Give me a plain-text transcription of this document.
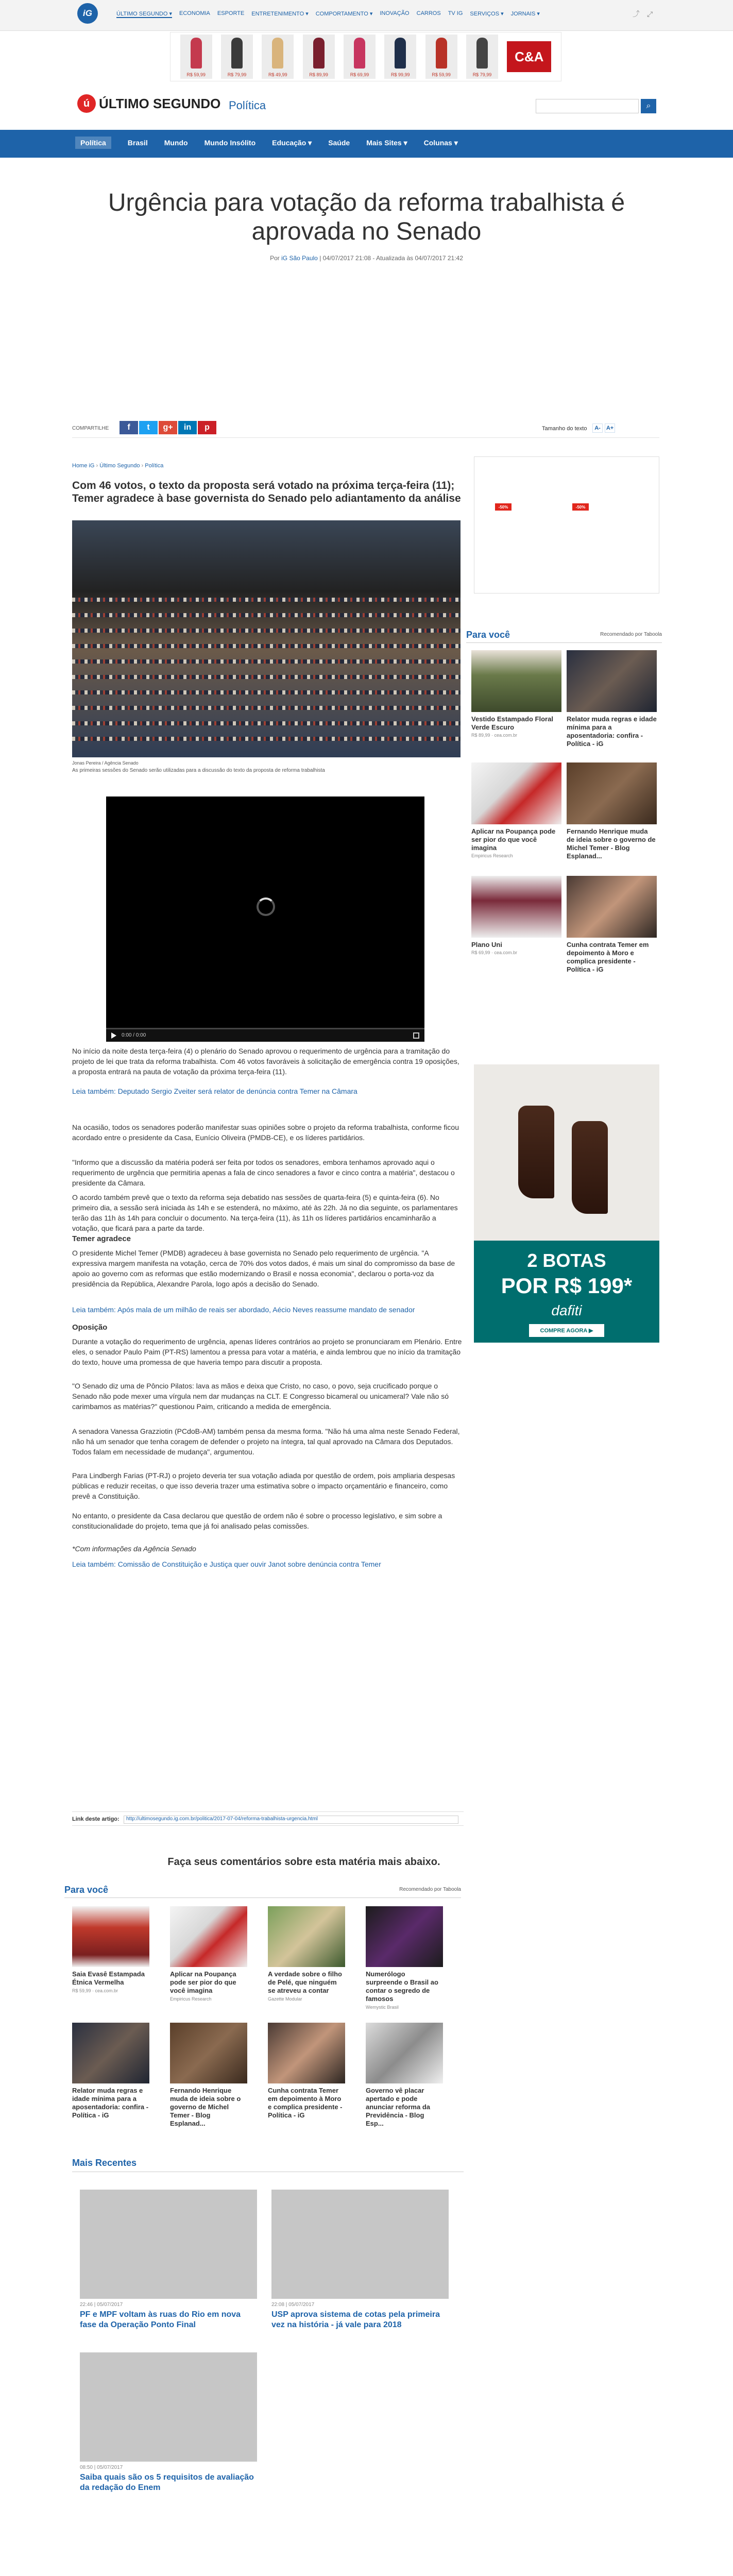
iG	ÚLTIMO SEGUNDO ▾ ECONOMIA ESPORTE ENTRETENIMENTO ▾ COMPORTAMENTO ▾ INOVAÇÃO CARROS TV IG SERVIÇOS ▾ JORNAIS ▾	⤴ ⤢
R$ 59,99	R$ 79,99	R$ 49,99	R$ 89,99	R$ 69,99	R$ 99,99	R$ 59,99	R$ 79,99
C&A
ú ÚLTIMO SEGUNDO Política	⌕
Política	Brasil Mundo Mundo Insólito Educação ▾ Saúde Mais Sites ▾ Colunas ▾
Urgência para votação da reforma trabalhista é aprovada no Senado
Por iG São Paulo | 04/07/2017 21:08 - Atualizada às 04/07/2017 21:42
COMPARTILHE	f	t	g+	in	p	Tamanho do texto	A-	A+
Home iG › Último Segundo › Política
Com 46 votos, o texto da proposta será votado na próxima terça-feira (11); Temer agradece à base governista do Senado pelo adiantamento da análise
Jonas Pereira / Agência Senado
As primeiras sessões do Senado serão utilizadas para a discussão do texto da proposta de reforma trabalhista
0:00 / 0:00

No início da noite desta terça-feira (4) o plenário do Senado aprovou o requerimento de urgência para a tramitação do projeto de lei que trata da reforma trabalhista. Com 46 votos favoráveis à solicitação de emergência contra 19 oposições, a proposta entrará na pauta de votação da próxima terça-feira (11).

Leia também: Deputado Sergio Zveiter será relator de denúncia contra Temer na Câmara

Na ocasião, todos os senadores poderão manifestar suas opiniões sobre o projeto da reforma trabalhista, conforme ficou acordado entre o presidente da Casa, Eunício Oliveira (PMDB-CE), e os líderes partidários.

"Informo que a discussão da matéria poderá ser feita por todos os senadores, embora tenhamos aprovado aqui o requerimento de urgência que permitiria apenas a fala de cinco senadores a favor e cinco contra a matéria", destacou o presidente da Câmara.

O acordo também prevê que o texto da reforma seja debatido nas sessões de quarta-feira (5) e quinta-feira (6). No primeiro dia, a sessão será iniciada às 14h e se estenderá, no máximo, até às 22h. Já no dia seguinte, os parlamentares terão das 11h às 14h para concluir o documento. Na terça-feira (11), às 11h os líderes partidários encaminharão a votação, que ficará para a parte da tarde.

Temer agradece

O presidente Michel Temer (PMDB) agradeceu à base governista no Senado pelo requerimento de urgência. "A expressiva margem manifesta na votação, cerca de 70% dos votos dados, é mais um sinal do compromisso da base de apoio ao governo com as reformas que estão modernizando o Brasil e nossa economia", declarou o porta-voz da presidência da República, Alexandre Parola, logo após a decisão do Senado.

Leia também: Após mala de um milhão de reais ser abordado, Aécio Neves reassume mandato de senador

Oposição

Durante a votação do requerimento de urgência, apenas líderes contrários ao projeto se pronunciaram em Plenário. Entre eles, o senador Paulo Paim (PT-RS) lamentou a pressa para votar a matéria, e ainda lembrou que no início da tramitação do texto, houve uma promessa de que haveria tempo para discutir a proposta.

"O Senado diz uma de Pôncio Pilatos: lava as mãos e deixa que Cristo, no caso, o povo, seja crucificado porque o Senado não pode mexer uma vírgula nem dar mudanças na CLT. E Congresso bicameral ou unicameral? Vale não só carimbamos as matérias?" questionou Paim, criticando a medida de emergência.

A senadora Vanessa Grazziotin (PCdoB-AM) também pensa da mesma forma. "Não há uma alma neste Senado Federal, não há um senador que tenha coragem de defender o projeto na íntegra, tal qual aprovado na Câmara dos Deputados. Todos falam em necessidade de mudança", argumentou.

Para Lindbergh Farias (PT-RJ) o projeto deveria ter sua votação adiada por questão de ordem, pois ampliaria despesas públicas e reduzir receitas, o que isso deveria trazer uma estimativa sobre o impacto orçamentário e financeiro, como prevê a Constituição.

No entanto, o presidente da Casa declarou que questão de ordem não é sobre o processo legislativo, e sim sobre a constitucionalidade do projeto, tema que já foi analisado pelas comissões.

*Com informações da Agência Senado

Leia também: Comissão de Constituição e Justiça quer ouvir Janot sobre denúncia contra Temer

Link deste artigo:	http://ultimosegundo.ig.com.br/politica/2017-07-04/reforma-trabalhista-urgencia.html
-50%	-50%
Para você	Recomendado por Taboola
Vestido Estampado Floral Verde Escuro
R$ 89,99 · cea.com.br
Relator muda regras e idade mínima para a aposentadoria: confira - Política - iG
Aplicar na Poupança pode ser pior do que você imagina
Empiricus Research
Fernando Henrique muda de ideia sobre o governo de Michel Temer - Blog Esplanad...
Plano Uni
R$ 69,99 · cea.com.br
Cunha contrata Temer em depoimento à Moro e complica presidente - Política - iG
2 BOTAS
POR R$ 199*
dafiti
COMPRE AGORA ▶
Faça seus comentários sobre esta matéria mais abaixo.
Para você	Recomendado por Taboola
Saia Evasê Estampada Étnica Vermelha
R$ 59,99 · cea.com.br
Aplicar na Poupança pode ser pior do que você imagina
Empiricus Research
A verdade sobre o filho de Pelé, que ninguém se atreveu a contar
Gazette Modular
Numerólogo surpreende o Brasil ao contar o segredo de famosos
Wemystic Brasil
Relator muda regras e idade mínima para a aposentadoria: confira - Política - iG
Fernando Henrique muda de ideia sobre o governo de Michel Temer - Blog Esplanad...
Cunha contrata Temer em depoimento à Moro e complica presidente - Política - iG
Governo vê placar apertado e pode anunciar reforma da Previdência - Blog Esp...
Mais Recentes
22:46 | 05/07/2017
PF e MPF voltam às ruas do Rio em nova fase da Operação Ponto Final
22:08 | 05/07/2017
USP aprova sistema de cotas pela primeira vez na história - já vale para 2018
08:50 | 05/07/2017
Saiba quais são os 5 requisitos de avaliação da redação do Enem
